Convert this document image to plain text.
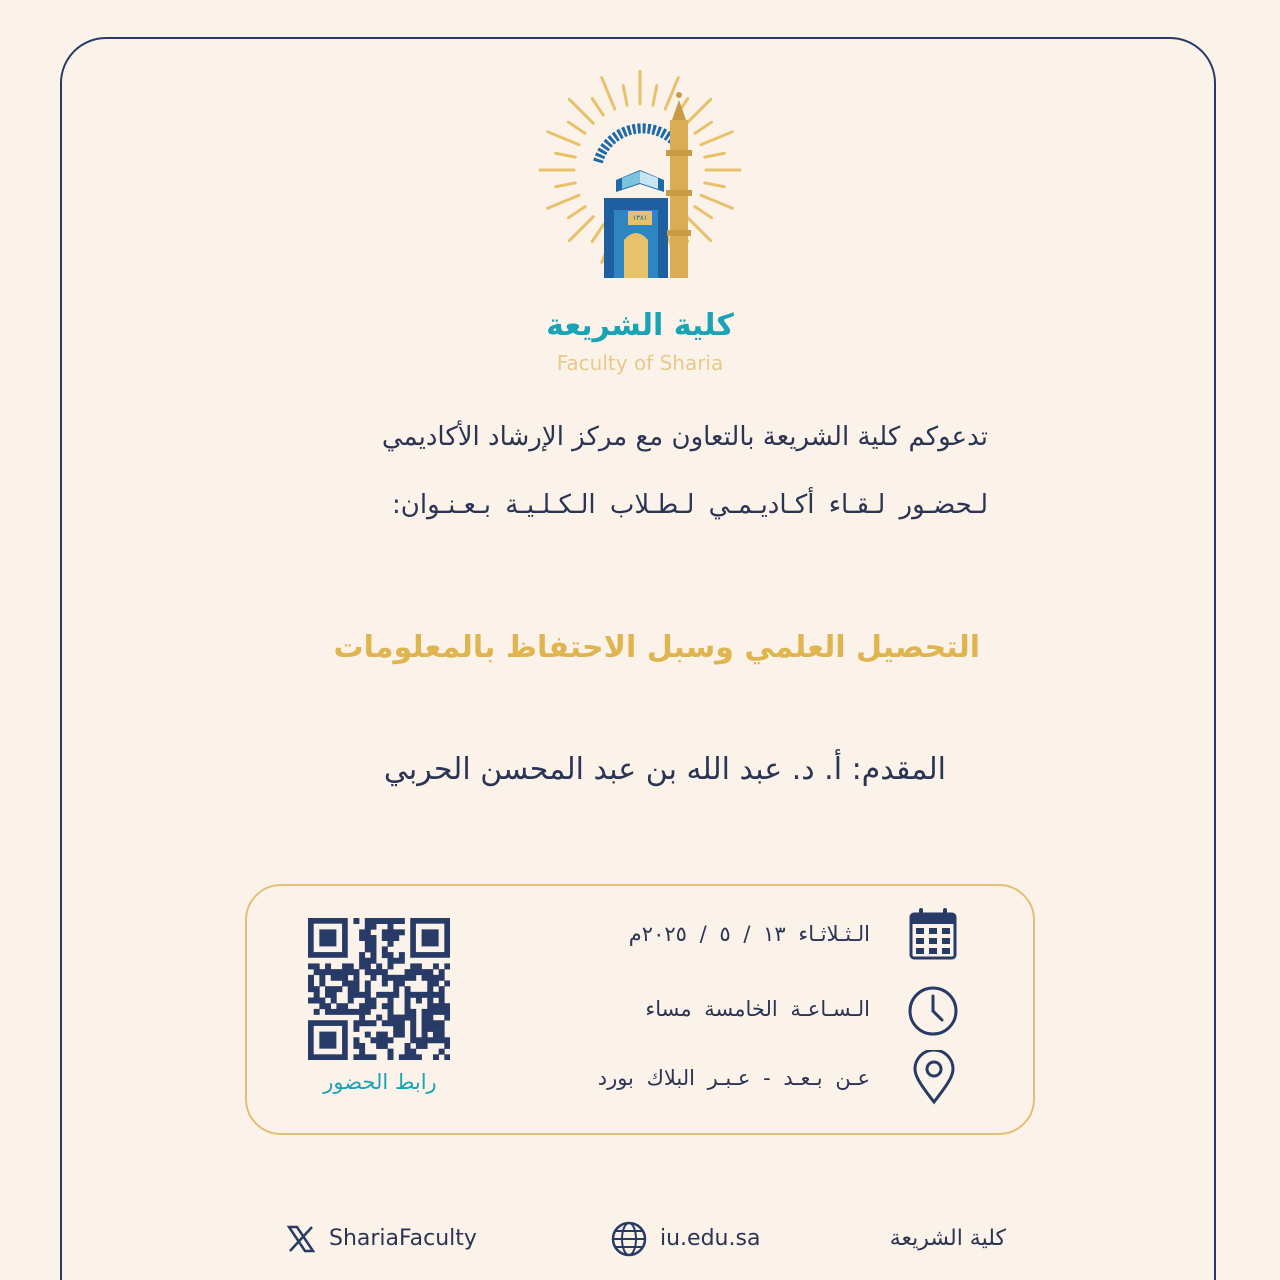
١٣٨١
كلية الشريعة
Faculty of Sharia
تدعوكم كلية الشريعة بالتعاون مع مركز الإرشاد الأكاديمي
لـحضـور لـقـاء أكـاديـمـي لـطـلاب الـكـلـيـة بـعـنـوان:
التحصيل العلمي وسبل الاحتفاظ بالمعلومات
المقدم: أ. د. عبد الله بن عبد المحسن الحربي
الـثـلاثـاء ١٣ / ٥ / ٢٠٢٥م
الـسـاعـة الخامسة مساء
عـن بـعـد - عـبـر البلاك بورد
رابط الحضور
ShariaFaculty	iu.edu.sa	كلية الشريعة
